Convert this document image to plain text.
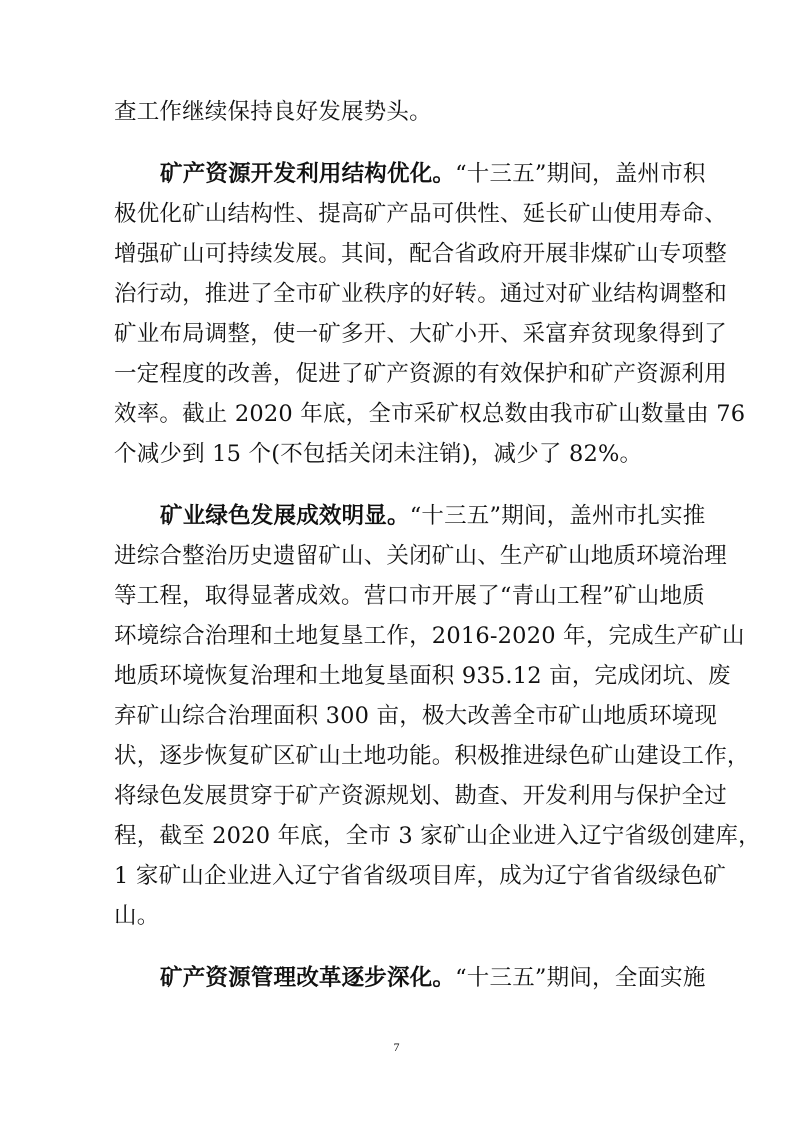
查工作继续保持良好发展势头。
矿产资源开发利用结构优化。“十三五”期间，盖州市积
极优化矿山结构性、提高矿产品可供性、延长矿山使用寿命、
增强矿山可持续发展。其间，配合省政府开展非煤矿山专项整
治行动，推进了全市矿业秩序的好转。通过对矿业结构调整和
矿业布局调整，使一矿多开、大矿小开、采富弃贫现象得到了
一定程度的改善，促进了矿产资源的有效保护和矿产资源利用
效率。截止 2020 年底，全市采矿权总数由我市矿山数量由 76
个减少到 15 个(不包括关闭未注销)，减少了 82%。
矿业绿色发展成效明显。“十三五”期间，盖州市扎实推
进综合整治历史遗留矿山、关闭矿山、生产矿山地质环境治理
等工程，取得显著成效。营口市开展了“青山工程”矿山地质
环境综合治理和土地复垦工作，2016-2020 年，完成生产矿山
地质环境恢复治理和土地复垦面积 935.12 亩，完成闭坑、废
弃矿山综合治理面积 300 亩，极大改善全市矿山地质环境现
状，逐步恢复矿区矿山土地功能。积极推进绿色矿山建设工作，
将绿色发展贯穿于矿产资源规划、勘查、开发利用与保护全过
程，截至 2020 年底，全市 3 家矿山企业进入辽宁省级创建库，
1 家矿山企业进入辽宁省省级项目库，成为辽宁省省级绿色矿
山。
矿产资源管理改革逐步深化。“十三五”期间，全面实施
7
